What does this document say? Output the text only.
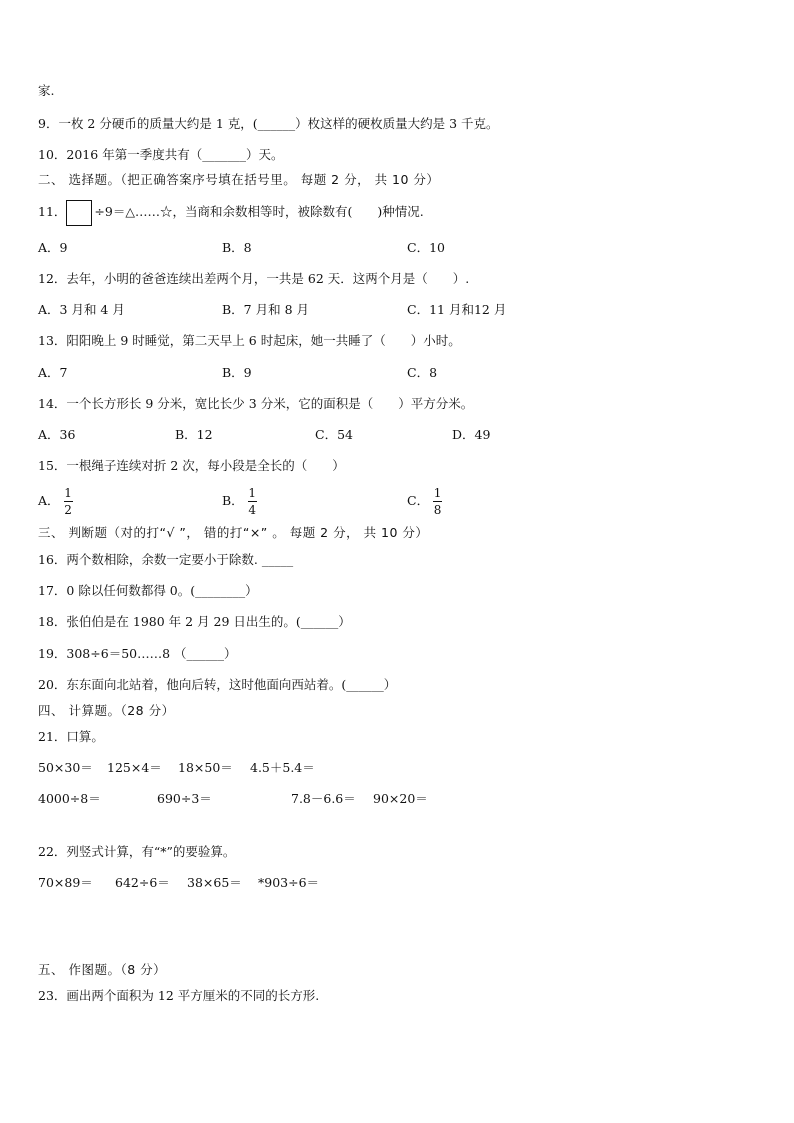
家.
9．一枚 2 分硬币的质量大约是 1 克，(______）枚这样的硬枚质量大约是 3 千克。
10．2016 年第一季度共有（_______）天。
二、 选择题。（把正确答案序号填在括号里。 每题 2 分， 共 10 分）
11． ÷9＝△……☆，当商和余数相等时，被除数有(　　)种情况.
A．9	B．8	C．10
12．去年，小明的爸爸连续出差两个月，一共是 62 天．这两个月是（　　）.
A．3 月和 4 月	B．7 月和 8 月	C．11 月和12 月
13．阳阳晚上 9 时睡觉，第二天早上 6 时起床，她一共睡了（　　）小时。
A．7	B．9	C．8
14．一个长方形长 9 分米，宽比长少 3 分米，它的面积是（　　）平方分米。
A．36	B．12	C．54	D．49
15．一根绳子连续对折 2 次，每小段是全长的（　　）
A． $\frac{1}{2}$	B． $\frac{1}{4}$	C． $\frac{1}{8}$
三、 判断题（对的打“√ ”， 错的打“×” 。 每题 2 分， 共 10 分）
16．两个数相除，余数一定要小于除数. _____
17．0 除以任何数都得 0。(________）
18．张伯伯是在 1980 年 2 月 29 日出生的。(______）
19．308÷6＝50……8 （______）
20．东东面向北站着，他向后转，这时他面向西站着。(______）
四、 计算题。（28 分）
21．口算。
50×30＝ 125×4＝ 18×50＝ 4.5＋5.4＝
4000÷8＝	690÷3＝	7.8－6.6＝ 90×20＝
22．列竖式计算，有“*”的要验算。
70×89＝ 642÷6＝ 38×65＝ *903÷6＝
五、 作图题。（8 分）
23．画出两个面积为 12 平方厘米的不同的长方形.
